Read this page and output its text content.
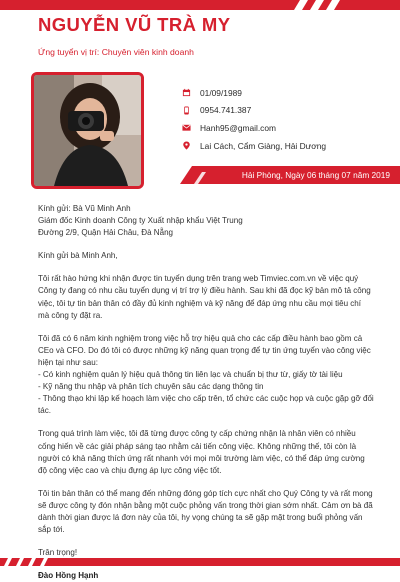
NGUYỄN VŨ TRÀ MY
Ứng tuyển vị trí: Chuyên viên kinh doanh
01/09/1989
0954.741.387
Hanh95@gmail.com
Lai Cách, Cẩm Giàng, Hải Dương
Hải Phòng, Ngày 06 tháng 07 năm 2019

Kính gửi: Bà Vũ Minh Anh

Giám đốc Kinh doanh Công ty Xuất nhập khẩu Việt Trung

Đường 2/9, Quận Hải Châu, Đà Nẵng

Kính gửi bà Minh Anh,

Tôi rất hào hứng khi nhận được tin tuyển dụng trên trang web Timviec.com.vn về việc quý Công ty đang có nhu cầu tuyển dụng vị trí trợ lý điều hành. Sau khi đã đọc kỹ bản mô tả công việc, tôi tự tin bản thân có đầy đủ kinh nghiệm và kỹ năng để đáp ứng nhu cầu mọi tiêu chí mà công ty đặt ra.

Tôi đã có 6 năm kinh nghiệm trong việc hỗ trợ hiệu quả cho các cấp điều hành bao gồm cả CEo và CFO. Do đó tôi có được những kỹ năng quan trọng để tự tin ứng tuyển vào công việc hiện tại như sau:

- Có kinh nghiệm quản lý hiệu quả thông tin liên lạc và chuẩn bị thư từ, giấy tờ tài liệu

- Kỹ năng thu nhập và phân tích chuyên sâu các dạng thông tin

- Thông thạo khi lập kế hoạch làm việc cho cấp trên, tổ chức các cuộc họp và cuộc gặp gỡ đối tác.

Trong quá trình làm việc, tôi đã từng được công ty cấp chứng nhận là nhân viên có nhiều cống hiến về các giải pháp sáng tạo nhằm cải tiến công việc. Không những thế, tôi còn là người có khả năng thích ứng rất nhanh với mọi môi trường làm việc, có thể đáp ứng cường độ công việc cao và chịu đựng áp lực công việc tốt.

Tôi tin bản thân có thể mang đến những đóng góp tích cực nhất cho Quý Công ty và rất mong sẽ được công ty đón nhận bằng một cuộc phỏng vấn trong thời gian sớm nhất. Cảm ơn bà đã dành thời gian được lá đơn này của tôi, hy vọng chúng ta sẽ gặp mặt trong buổi phỏng vấn sắp tới.

Trân trọng!

Đào Hồng Hạnh
